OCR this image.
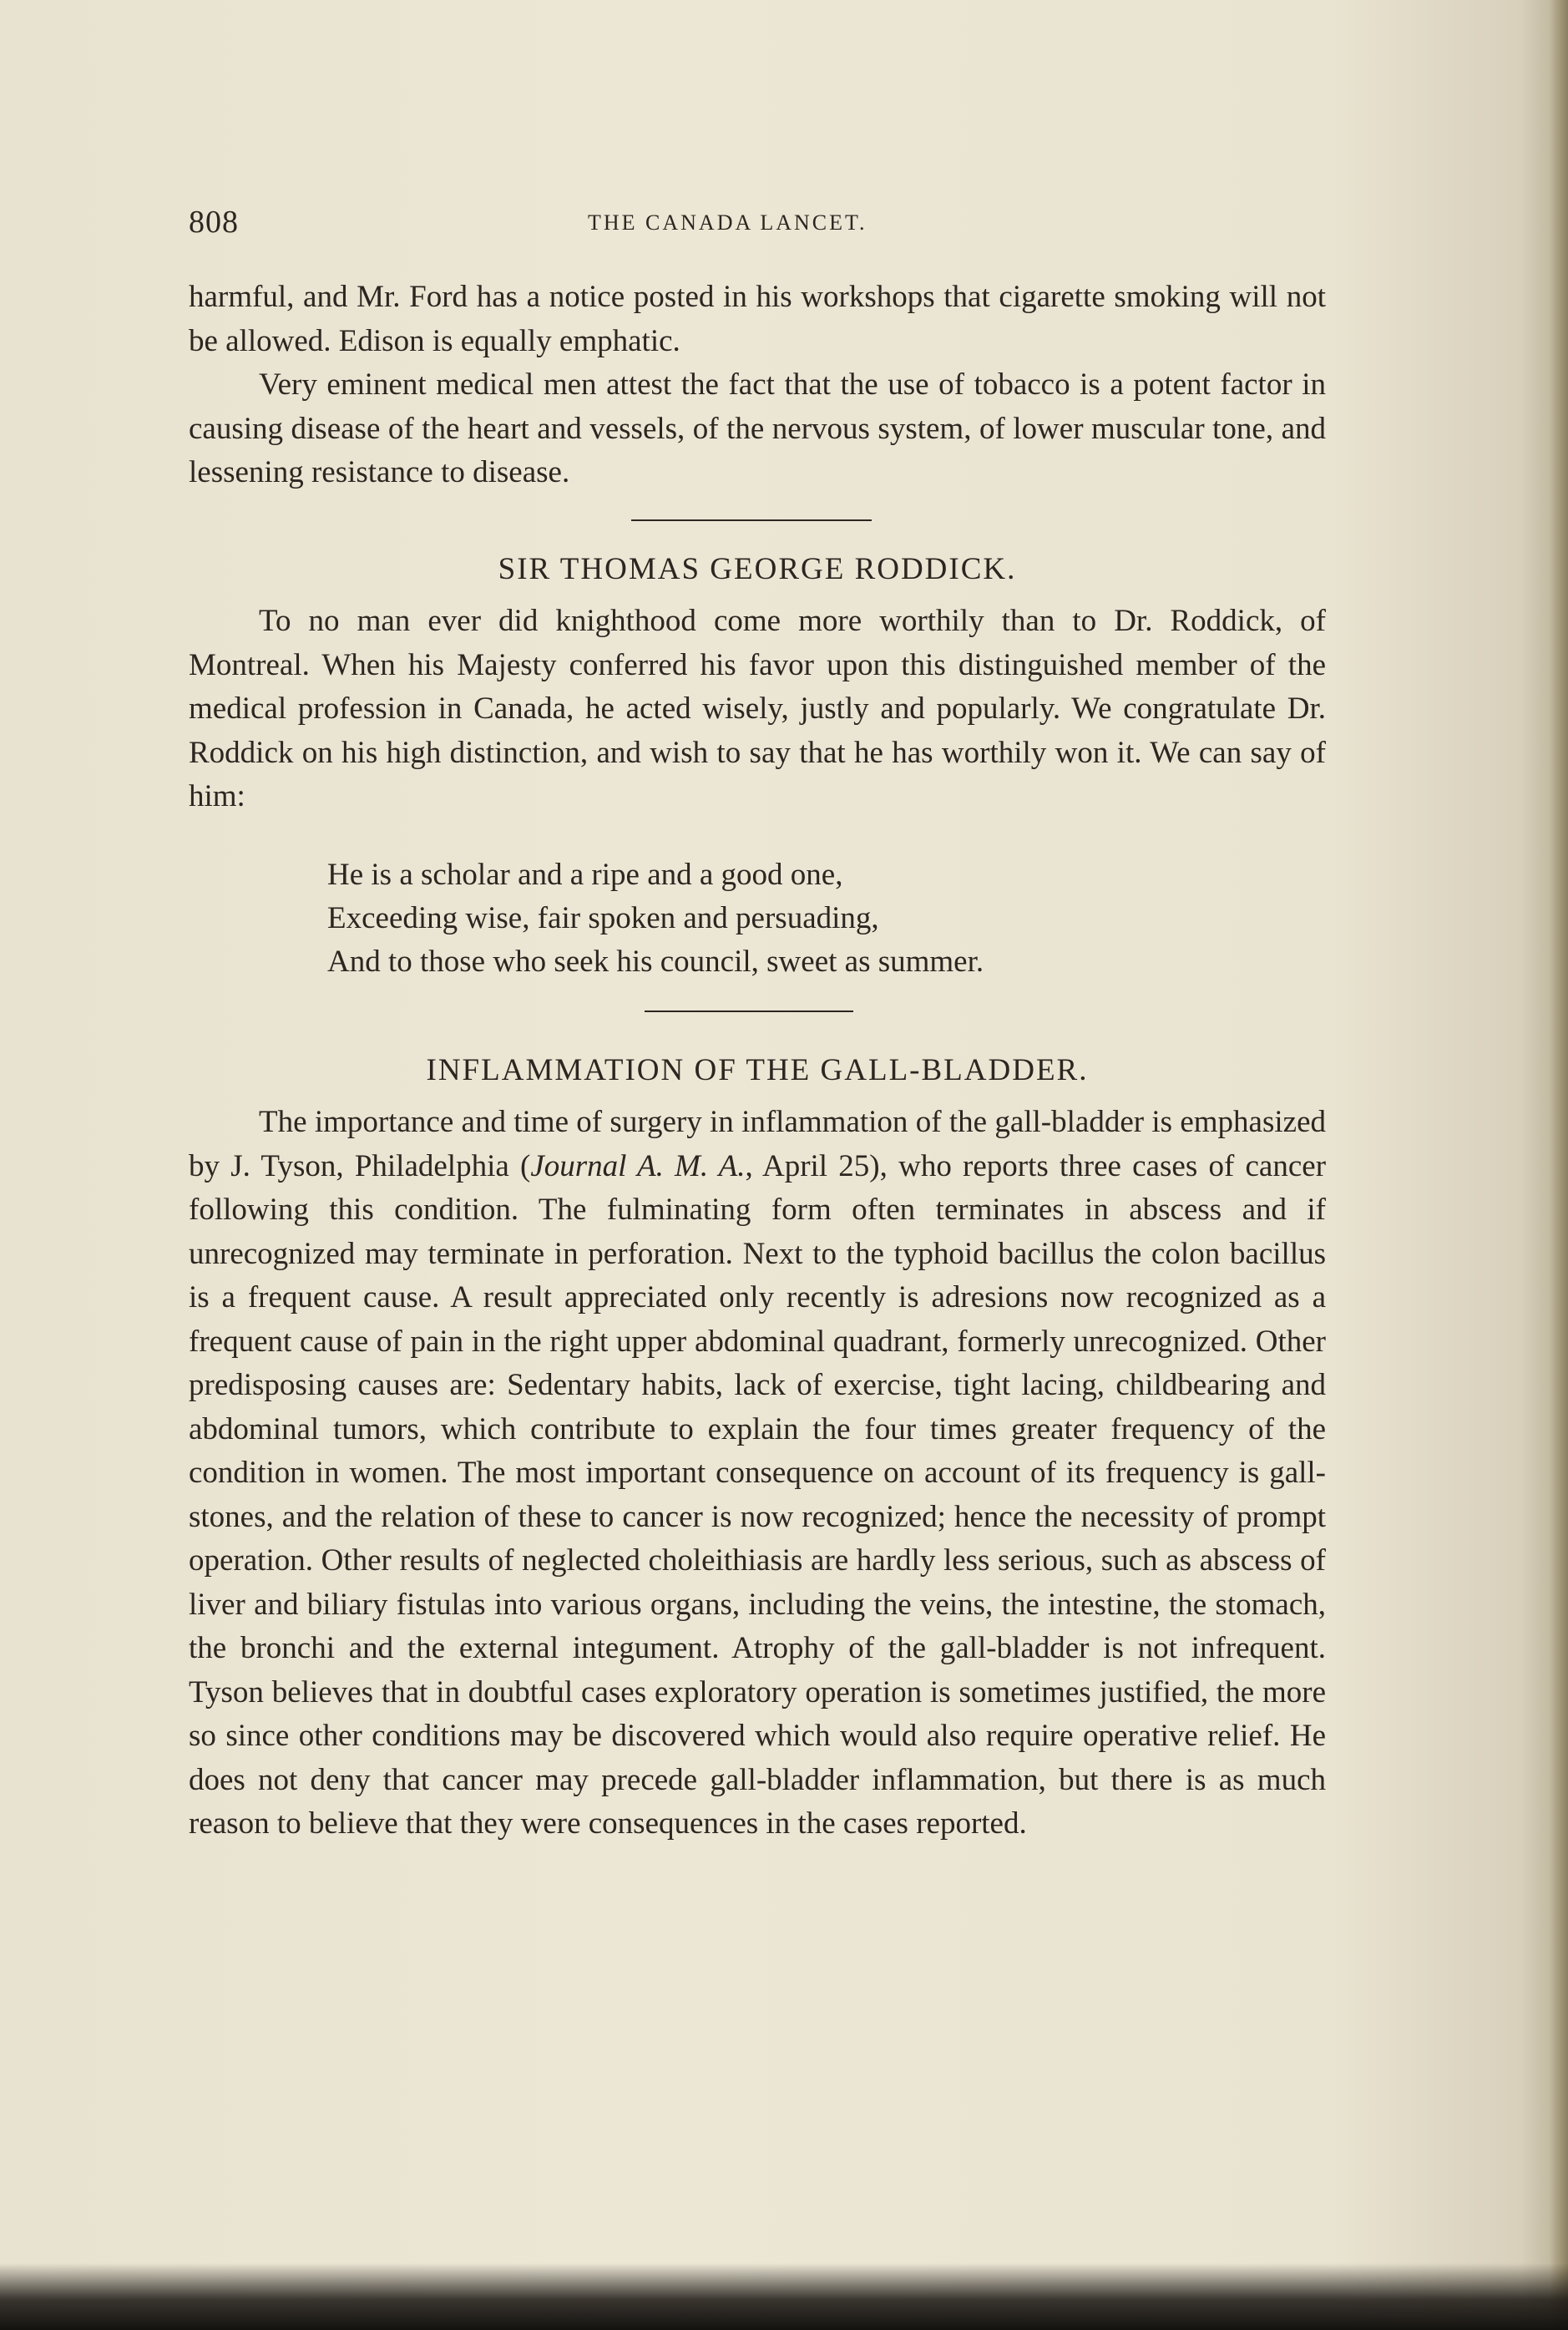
808	THE CANADA LANCET.

harmful, and Mr. Ford has a notice posted in his workshops that cigarette smoking will not be allowed. Edison is equally emphatic.

Very eminent medical men attest the fact that the use of tobacco is a potent factor in causing disease of the heart and vessels, of the nervous system, of lower muscular tone, and lessening resistance to disease.

SIR THOMAS GEORGE RODDICK.

To no man ever did knighthood come more worthily than to Dr. Roddick, of Montreal. When his Majesty conferred his favor upon this distinguished member of the medical profession in Canada, he acted wisely, justly and popularly. We congratulate Dr. Roddick on his high distinction, and wish to say that he has worthily won it. We can say of him:

He is a scholar and a ripe and a good one,
Exceeding wise, fair spoken and persuading,
And to those who seek his council, sweet as summer.
INFLAMMATION OF THE GALL-BLADDER.

The importance and time of surgery in inflammation of the gall-bladder is emphasized by J. Tyson, Philadelphia (Journal A. M. A., April 25), who reports three cases of cancer following this condition. The fulminating form often terminates in abscess and if unrecognized may terminate in perforation. Next to the typhoid bacillus the colon bacillus is a frequent cause. A result appreciated only recently is adresions now recognized as a frequent cause of pain in the right upper abdominal quadrant, formerly unrecognized. Other predisposing causes are: Sedentary habits, lack of exercise, tight lacing, childbearing and abdominal tumors, which contribute to explain the four times greater frequency of the condition in women. The most important consequence on account of its frequency is gall-stones, and the relation of these to cancer is now recognized; hence the necessity of prompt operation. Other results of neglected choleithiasis are hardly less serious, such as abscess of liver and biliary fistulas into various organs, including the veins, the intestine, the stomach, the bronchi and the external integument. Atrophy of the gall-bladder is not infrequent. Tyson believes that in doubtful cases exploratory operation is sometimes justified, the more so since other conditions may be discovered which would also require operative relief. He does not deny that cancer may precede gall-bladder inflammation, but there is as much reason to believe that they were consequences in the cases reported.
